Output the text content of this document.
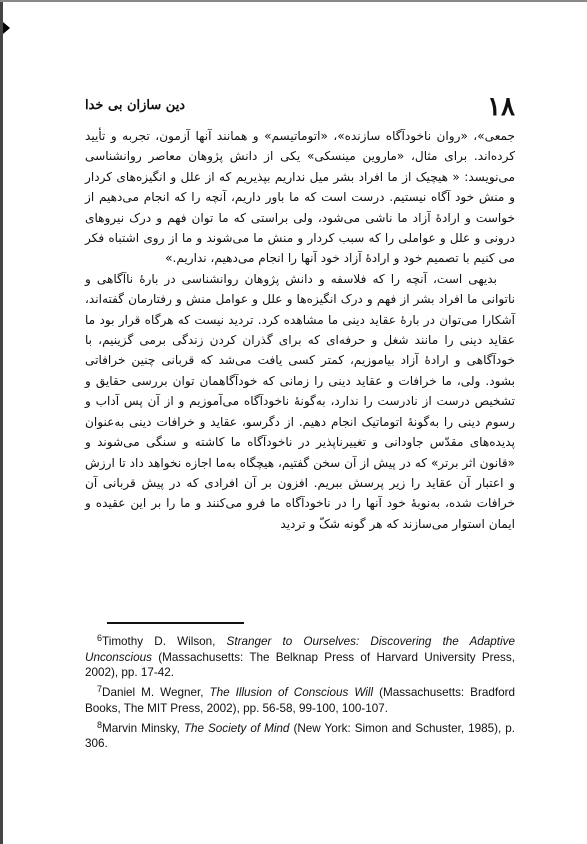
۱۸
دین سازان بی خدا

جمعی»، «روان ناخودآگاه سازنده»، «اتوماتیسم» و همانند آنها آزمون، تجربه و تأیید کرده‌اند. برای مثال، «ماروین مینسکی» یکی از دانش پژوهان معاصر روانشناسی می‌نویسد: « هیچیک از ما افراد بشر میل نداریم بپذیریم که از علل و انگیزه‌های کردار و منش خود آگاه نیستیم. درست است که ما باور داریم، آنچه را که انجام می‌دهیم از خواست و ارادهٔ آزاد ما ناشی می‌شود، ولی براستی که ما توان فهم و درک نیروهای درونی و علل و عواملی را که سبب کردار و منش ما می‌شوند و ما از روی اشتباه فکر می کنیم با تصمیم خود و ارادهٔ آزاد خود آنها را انجام می‌دهیم، نداریم.»

بدیهی است، آنچه را که فلاسفه و دانش پژوهان روانشناسی در بارهٔ ناآگاهی و ناتوانی ما افراد بشر از فهم و درک انگیزه‌ها و علل و عوامل منش و رفتارمان گفته‌اند، آشکارا می‌توان در بارهٔ عقاید دینی ما مشاهده کرد. تردید نیست که هرگاه قرار بود ما عقاید دینی را مانند شغل و حرفه‌ای که برای گذران کردن زندگی برمی گزینیم، با خودآگاهی و ارادهٔ آزاد بیاموزیم، کمتر کسی یافت می‌شد که قربانی چنین خرافاتی بشود. ولی، ما خرافات و عقاید دینی را زمانی که خودآگاهمان توان بررسی حقایق و تشخیص درست از نادرست را ندارد، به‌گونهٔ ناخودآگاه می‌آموزیم و از آن پس آداب و رسوم دینی را به‌گونهٔ اتوماتیک انجام دهیم. از دگرسو، عقاید و خرافات دینی به‌عنوان پدیده‌های مقدّس جاودانی و تغییرناپذیر در ناخودآگاه ما کاشته و سنگی می‌شوند و «قانون اثر برتر» که در پیش از آن سخن گفتیم، هیچگاه به‌ما اجازه نخواهد داد تا ارزش و اعتبار آن عقاید را زیر پرسش ببریم. افزون بر آن افرادی که در پیش قربانی آن خرافات شده، به‌نوبهٔ خود آنها را در ناخودآگاه ما فرو می‌کنند و ما را بر این عقیده و ایمان استوار می‌سازند که هر گونه شکّ و تردید

$^6$Timothy D. Wilson, Stranger to Ourselves: Discovering the Adaptive Unconscious (Massachusetts: The Belknap Press of Harvard University Press, 2002), pp. 17-42.

$^7$Daniel M. Wegner, The Illusion of Conscious Will (Massachusetts: Bradford Books, The MIT Press, 2002), pp. 56-58, 99-100, 100-107.

$^8$Marvin Minsky, The Society of Mind (New York: Simon and Schuster, 1985), p. 306.
